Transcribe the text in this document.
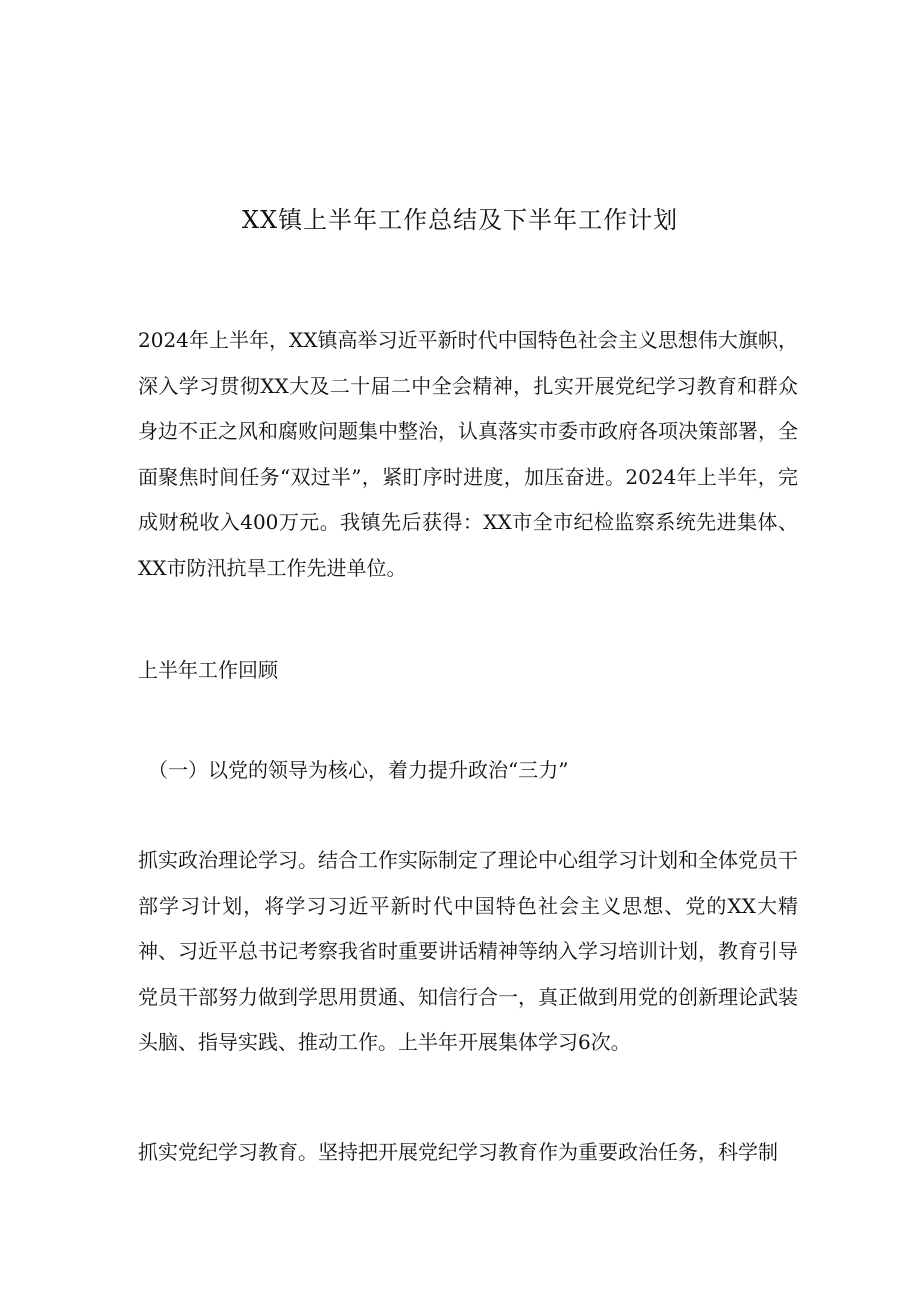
XX镇上半年工作总结及下半年工作计划

2024年上半年，XX镇高举习近平新时代中国特色社会主义思想伟大旗帜，深入学习贯彻XX大及二十届二中全会精神，扎实开展党纪学习教育和群众身边不正之风和腐败问题集中整治，认真落实市委市政府各项决策部署，全面聚焦时间任务“双过半”，紧盯序时进度，加压奋进。2024年上半年，完成财税收入400万元。我镇先后获得：XX市全市纪检监察系统先进集体、XX市防汛抗旱工作先进单位。

上半年工作回顾

（一）以党的领导为核心，着力提升政治“三力”

抓实政治理论学习。结合工作实际制定了理论中心组学习计划和全体党员干部学习计划，将学习习近平新时代中国特色社会主义思想、党的XX大精神、习近平总书记考察我省时重要讲话精神等纳入学习培训计划，教育引导党员干部努力做到学思用贯通、知信行合一，真正做到用党的创新理论武装头脑、指导实践、推动工作。上半年开展集体学习6次。

抓实党纪学习教育。坚持把开展党纪学习教育作为重要政治任务，科学制
